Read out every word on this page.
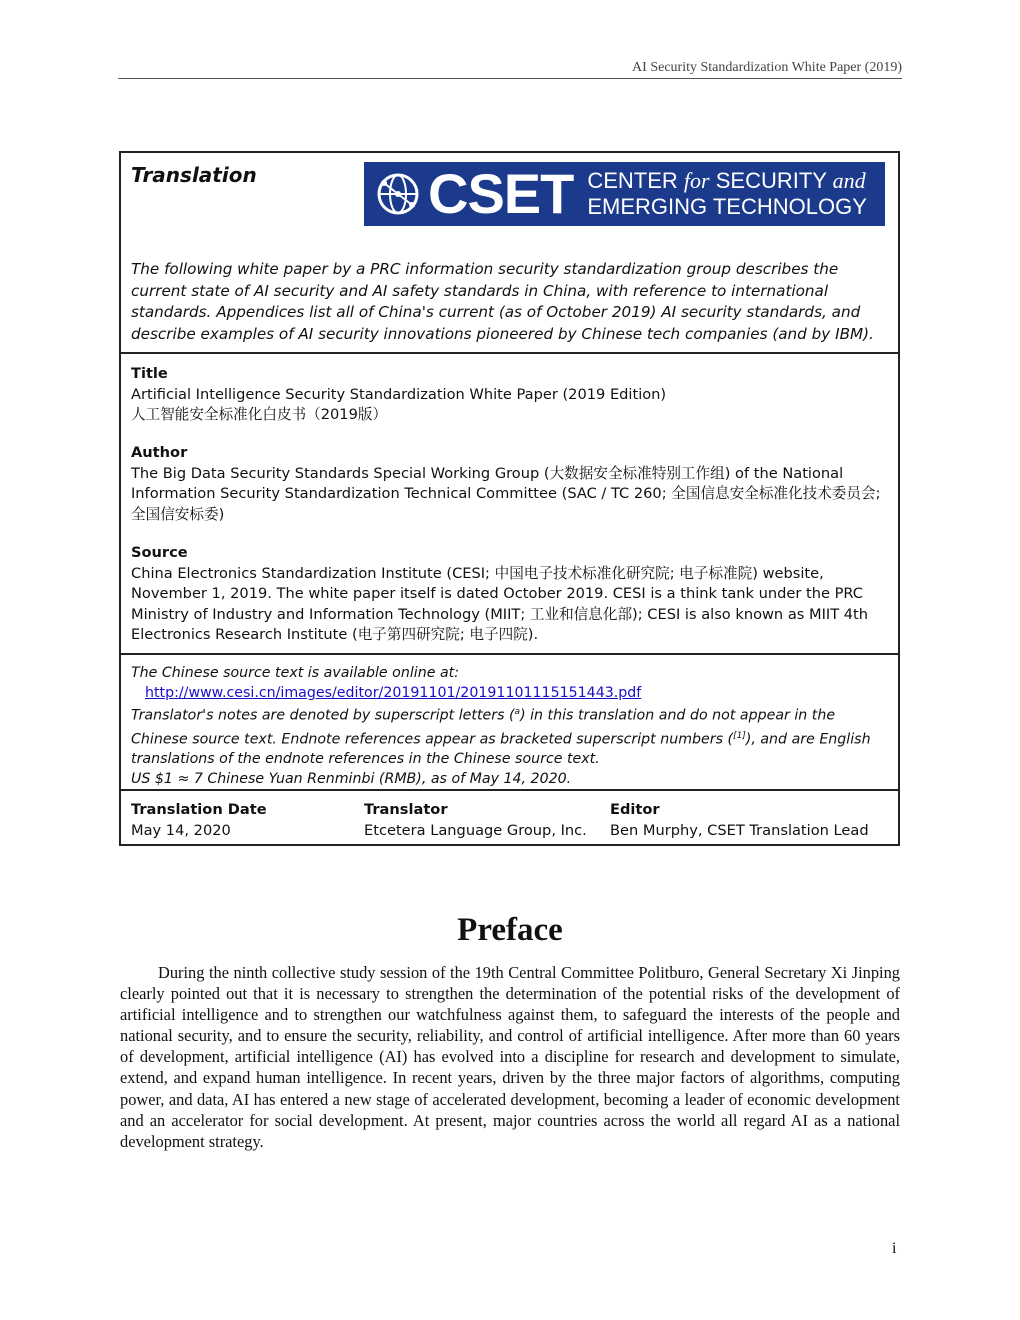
AI Security Standardization White Paper (2019)
Translation	CSET CENTER for SECURITY and
EMERGING TECHNOLOGY
The following white paper by a PRC information security standardization group describes the current state of AI security and AI safety standards in China, with reference to international standards. Appendices list all of China's current (as of October 2019) AI security standards, and describe examples of AI security innovations pioneered by Chinese tech companies (and by IBM).
Title
Artificial Intelligence Security Standardization White Paper (2019 Edition)
人工智能安全标准化白皮书（2019版）
Author
The Big Data Security Standards Special Working Group (大数据安全标准特别工作组) of the National Information Security Standardization Technical Committee (SAC / TC 260; 全国信息安全标准化技术委员会; 全国信安标委)
Source
China Electronics Standardization Institute (CESI; 中国电子技术标准化研究院; 电子标准院) website, November 1, 2019. The white paper itself is dated October 2019. CESI is a think tank under the PRC Ministry of Industry and Information Technology (MIIT; 工业和信息化部); CESI is also known as MIIT 4th Electronics Research Institute (电子第四研究院; 电子四院).
The Chinese source text is available online at:
http://www.cesi.cn/images/editor/20191101/20191101115151443.pdf
Translator's notes are denoted by superscript letters ($^a$) in this translation and do not appear in the Chinese source text. Endnote references appear as bracketed superscript numbers ([1]), and are English translations of the endnote references in the Chinese source text.
US $1 ≈ 7 Chinese Yuan Renminbi (RMB), as of May 14, 2020.
Translation Date
May 14, 2020
Translator
Etcetera Language Group, Inc.
Editor
Ben Murphy, CSET Translation Lead
Preface
During the ninth collective study session of the 19th Central Committee Politburo, General Secretary Xi Jinping clearly pointed out that it is necessary to strengthen the determination of the potential risks of the development of artificial intelligence and to strengthen our watchfulness against them, to safeguard the interests of the people and national security, and to ensure the security, reliability, and control of artificial intelligence. After more than 60 years of development, artificial intelligence (AI) has evolved into a discipline for research and development to simulate, extend, and expand human intelligence. In recent years, driven by the three major factors of algorithms, computing power, and data, AI has entered a new stage of accelerated development, becoming a leader of economic development and an accelerator for social development. At present, major countries across the world all regard AI as a national development strategy.
i
